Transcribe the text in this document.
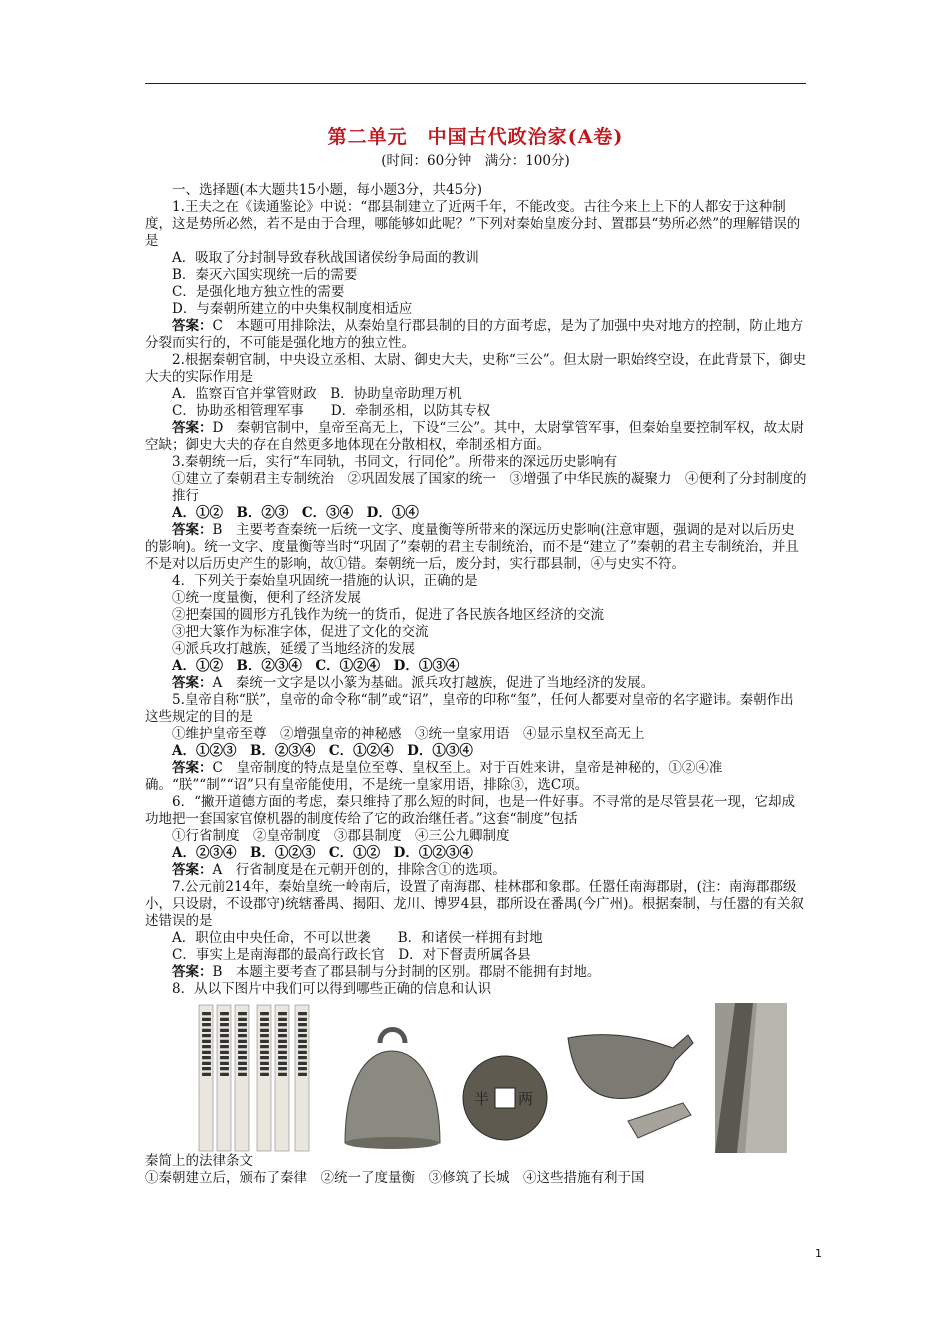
第二单元　中国古代政治家(A卷)
(时间：60分钟　满分：100分)

一、选择题(本大题共15小题，每小题3分，共45分)

1.王夫之在《读通鉴论》中说：“郡县制建立了近两千年，不能改变。古往今来上上下的人都安于这种制度，这是势所必然，若不是由于合理，哪能够如此呢？”下列对秦始皇废分封、置郡县“势所必然”的理解错误的是

A．吸取了分封制导致春秋战国诸侯纷争局面的教训

B．秦灭六国实现统一后的需要

C．是强化地方独立性的需要

D．与秦朝所建立的中央集权制度相适应

答案：C　本题可用排除法，从秦始皇行郡县制的目的方面考虑，是为了加强中央对地方的控制，防止地方分裂而实行的，不可能是强化地方的独立性。

2.根据秦朝官制，中央设立丞相、太尉、御史大夫，史称“三公”。但太尉一职始终空设，在此背景下，御史大夫的实际作用是

A．监察百官并掌管财政　B．协助皇帝助理万机

C．协助丞相管理军事　　D．牵制丞相，以防其专权

答案：D　秦朝官制中，皇帝至高无上，下设“三公”。其中，太尉掌管军事，但秦始皇要控制军权，故太尉空缺；御史大夫的存在自然更多地体现在分散相权，牵制丞相方面。

3.秦朝统一后，实行“车同轨，书同文，行同伦”。所带来的深远历史影响有

①建立了秦朝君主专制统治　②巩固发展了国家的统一　③增强了中华民族的凝聚力　④便利了分封制度的推行

A．①②　B．②③　C．③④　D．①④

答案：B　主要考查秦统一后统一文字、度量衡等所带来的深远历史影响(注意审题，强调的是对以后历史的影响)。统一文字、度量衡等当时“巩固了”秦朝的君主专制统治，而不是“建立了”秦朝的君主专制统治，并且不是对以后历史产生的影响，故①错。秦朝统一后，废分封，实行郡县制，④与史实不符。

4．下列关于秦始皇巩固统一措施的认识，正确的是

①统一度量衡，便利了经济发展

②把秦国的圆形方孔钱作为统一的货币，促进了各民族各地区经济的交流

③把大篆作为标准字体，促进了文化的交流

④派兵攻打越族，延缓了当地经济的发展

A．①②　B．②③④　C．①②④　D．①③④

答案：A　秦统一文字是以小篆为基础。派兵攻打越族，促进了当地经济的发展。

5.皇帝自称“朕”，皇帝的命令称“制”或“诏”，皇帝的印称“玺”，任何人都要对皇帝的名字避讳。秦朝作出这些规定的目的是

①维护皇帝至尊　②增强皇帝的神秘感　③统一皇家用语　④显示皇权至高无上

A．①②③　B．②③④　C．①②④　D．①③④

答案：C　皇帝制度的特点是皇位至尊、皇权至上。对于百姓来讲，皇帝是神秘的，①②④准确。“朕”“制”“诏”只有皇帝能使用，不是统一皇家用语，排除③，选C项。

6．“撇开道德方面的考虑，秦只维持了那么短的时间，也是一件好事。不寻常的是尽管昙花一现，它却成功地把一套国家官僚机器的制度传给了它的政治继任者。”这套“制度”包括

①行省制度　②皇帝制度　③郡县制度　④三公九卿制度

A．②③④　B．①②③　C．①②　D．①②③④

答案：A　行省制度是在元朝开创的，排除含①的选项。

7.公元前214年，秦始皇统一岭南后，设置了南海郡、桂林郡和象郡。任嚣任南海郡尉，(注：南海郡郡级小，只设尉，不设郡守)统辖番禺、揭阳、龙川、博罗4县，郡所设在番禺(今广州)。根据秦制，与任嚣的有关叙述错误的是

A．职位由中央任命，不可以世袭　　B．和诸侯一样拥有封地

C．事实上是南海郡的最高行政长官　D．对下督责所属各县

答案：B　本题主要考查了郡县制与分封制的区别。郡尉不能拥有封地。

8．从以下图片中我们可以得到哪些正确的信息和认识

〓〓〓〓〓〓 〓〓〓〓〓〓 〓〓〓〓〓〓 〓〓〓〓〓〓 〓〓〓〓〓〓 〓〓〓〓〓〓
半 两

秦简上的法律条文

①秦朝建立后，颁布了秦律　②统一了度量衡　③修筑了长城　④这些措施有利于国

1
